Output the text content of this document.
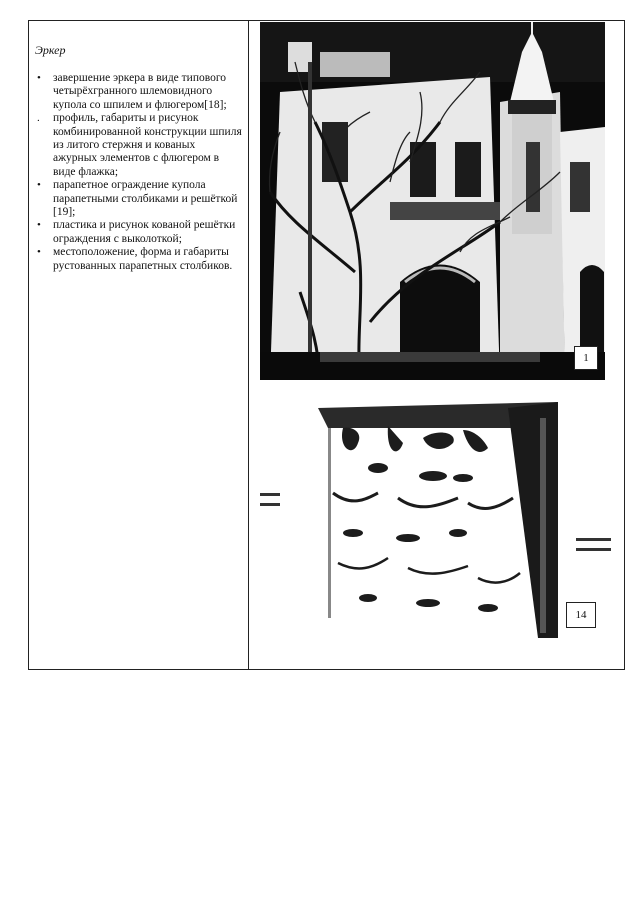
Эркер
• завершение эркера в виде типового четырёхгранного шлемовидного купола со шпилем и флюгером[18];
. профиль, габариты и рисунок комбинированной конструкции шпиля из литого стержня и кованых ажурных элементов с флюгером в виде флажка;
• парапетное ограждение купола парапетными столбиками и решёткой [19];
• пластика и рисунок кованой решётки ограждения с выколоткой;
• местоположение, форма и габариты рустованных парапетных столбиков.
1
14
